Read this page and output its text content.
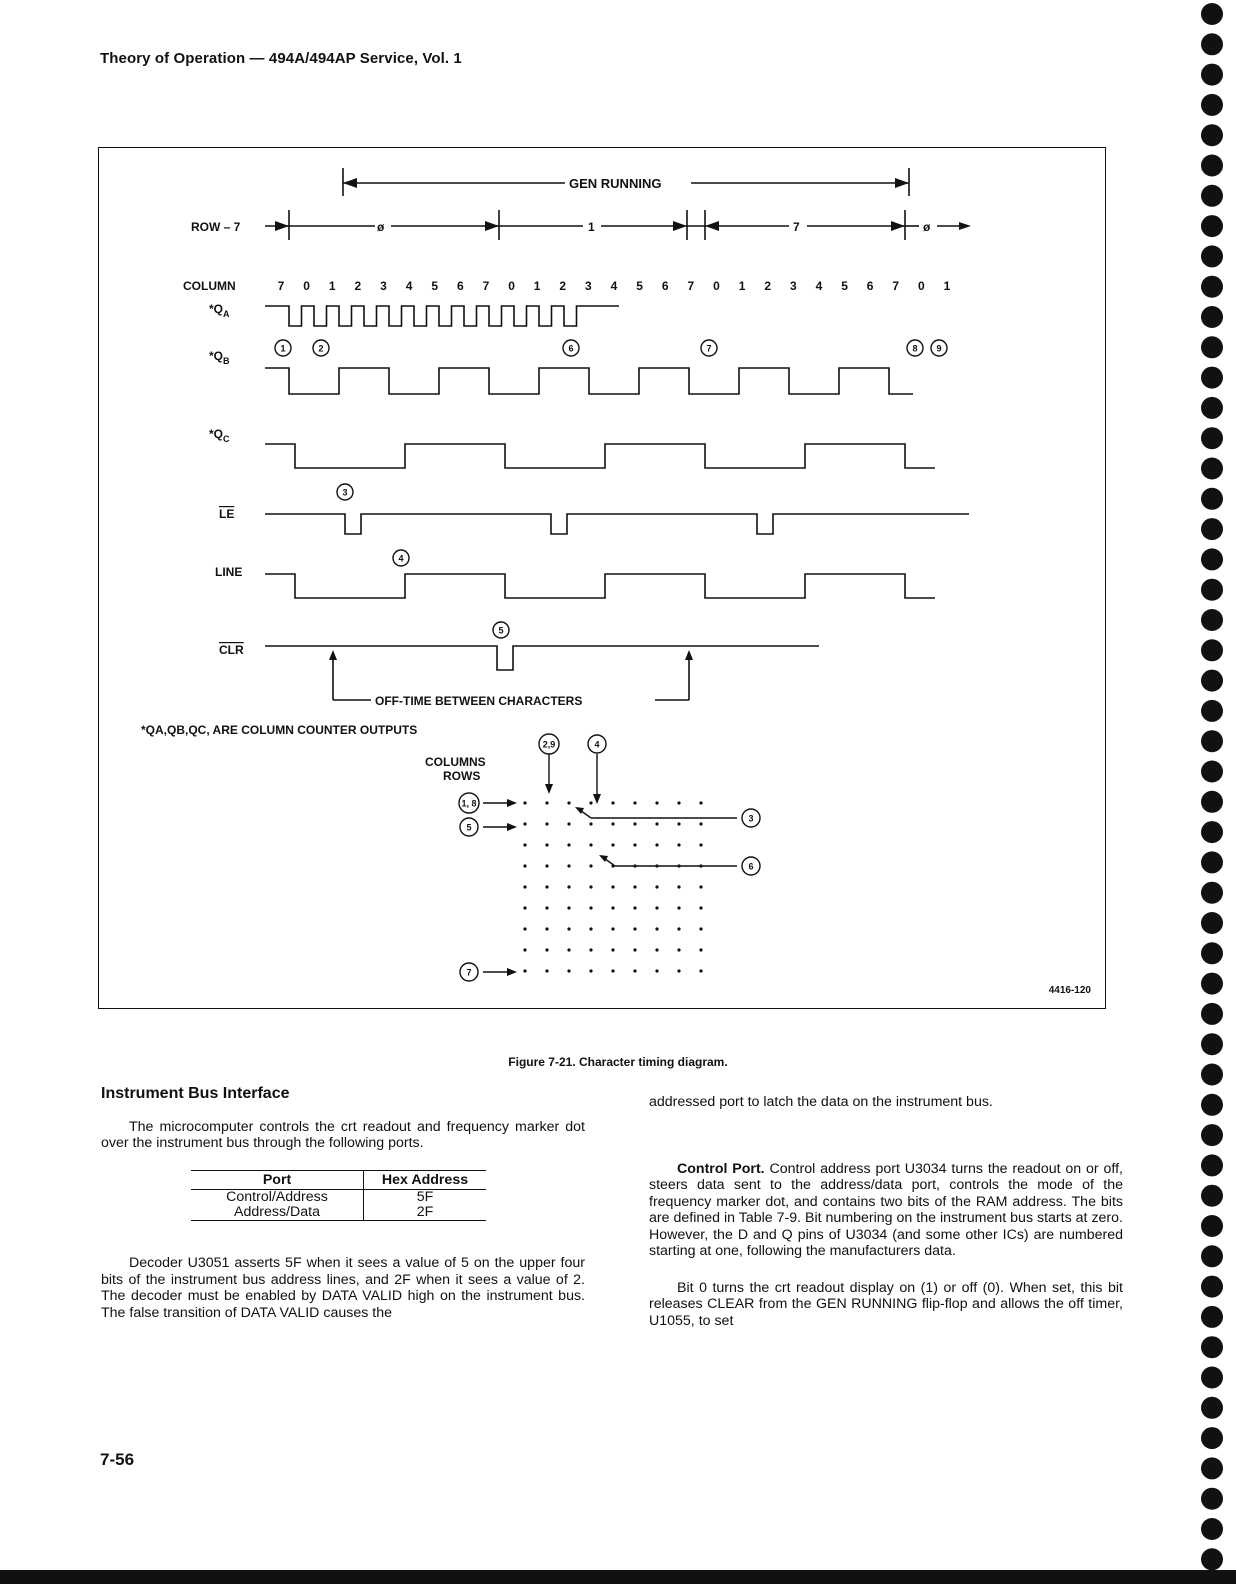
Theory of Operation — 494A/494AP Service, Vol. 1
GEN RUNNING
ROW – 7	ø	1	7	ø
COLUMN	7 0 1 2 3 4 5 6 7 0 1 2 3 4 5 6 7 0 1 2 3 4 5 6 7 0 1
$*Q_A$
$*Q_B$
$*Q_C$
LE
LINE
CLR
1	2	6	7	8 9
3
4
5
2,9	4
1, 8
5
3
6
7
OFF-TIME BETWEEN CHARACTERS
*QA,QB,QC, ARE COLUMN COUNTER OUTPUTS
COLUMNS
ROWS
4416-120
Figure 7-21. Character timing diagram.
Instrument Bus Interface

The microcomputer controls the crt readout and frequency marker dot over the instrument bus through the following ports.

Port	Hex Address
Control/Address	5F
Address/Data	2F

Decoder U3051 asserts 5F when it sees a value of 5 on the upper four bits of the instrument bus address lines, and 2F when it sees a value of 2. The decoder must be enabled by DATA VALID high on the instrument bus. The false transition of DATA VALID causes the

addressed port to latch the data on the instrument bus.

Control Port. Control address port U3034 turns the readout on or off, steers data sent to the address/data port, controls the mode of the frequency marker dot, and contains two bits of the RAM address. The bits are defined in Table 7-9. Bit numbering on the instrument bus starts at zero. However, the D and Q pins of U3034 (and some other ICs) are numbered starting at one, following the manufacturers data.

Bit 0 turns the crt readout display on (1) or off (0). When set, this bit releases CLEAR from the GEN RUNNING flip-flop and allows the off timer, U1055, to set

7-56
